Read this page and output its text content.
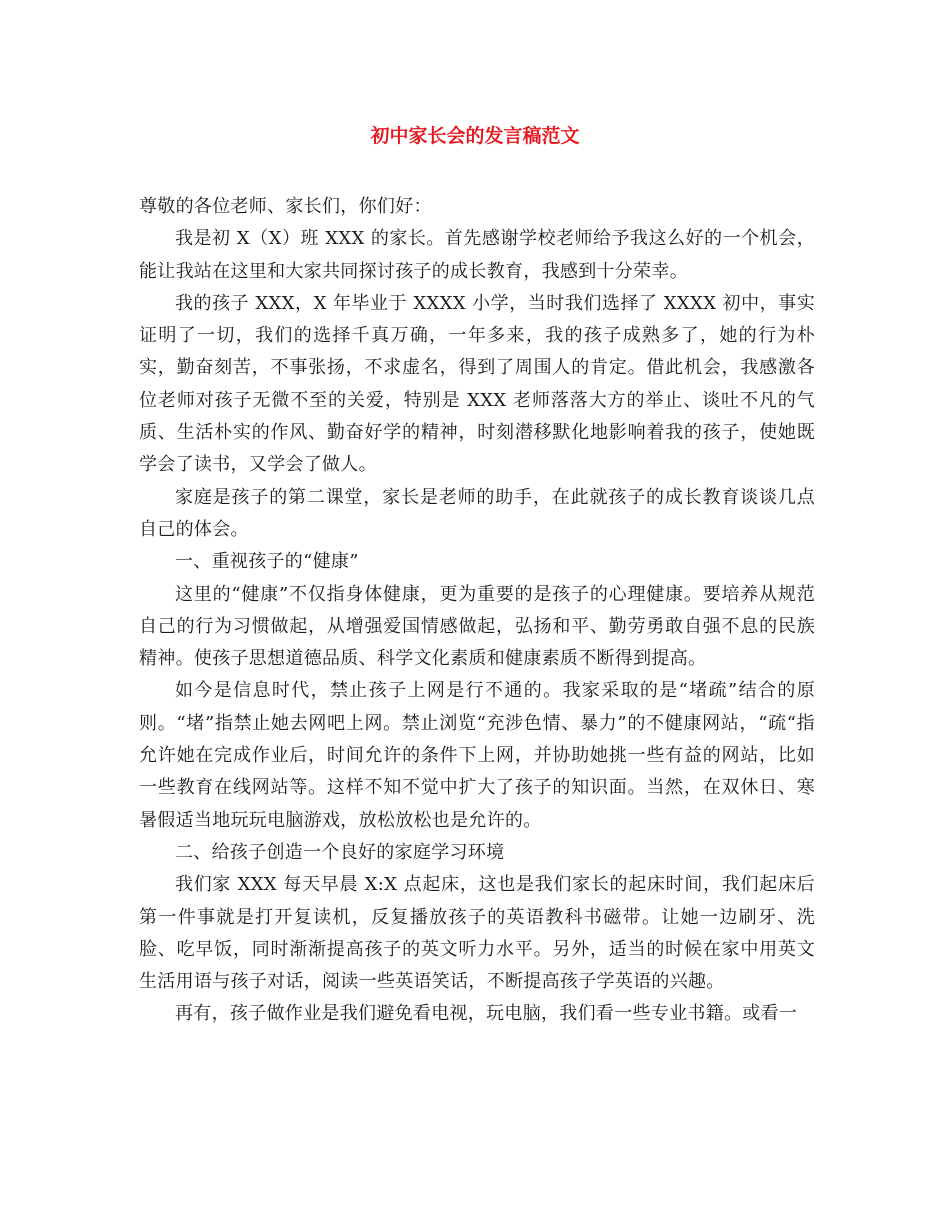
初中家长会的发言稿范文

尊敬的各位老师、家长们，你们好：

我是初 X（X）班 XXX 的家长。首先感谢学校老师给予我这么好的一个机会，能让我站在这里和大家共同探讨孩子的成长教育，我感到十分荣幸。

我的孩子 XXX，X 年毕业于 XXXX 小学，当时我们选择了 XXXX 初中，事实证明了一切，我们的选择千真万确，一年多来，我的孩子成熟多了，她的行为朴实，勤奋刻苦，不事张扬，不求虚名，得到了周围人的肯定。借此机会，我感激各位老师对孩子无微不至的关爱，特别是 XXX 老师落落大方的举止、谈吐不凡的气质、生活朴实的作风、勤奋好学的精神，时刻潜移默化地影响着我的孩子，使她既学会了读书，又学会了做人。

家庭是孩子的第二课堂，家长是老师的助手，在此就孩子的成长教育谈谈几点自己的体会。

一、重视孩子的“健康”

这里的“健康”不仅指身体健康，更为重要的是孩子的心理健康。要培养从规范自己的行为习惯做起，从增强爱国情感做起，弘扬和平、勤劳勇敢自强不息的民族精神。使孩子思想道德品质、科学文化素质和健康素质不断得到提高。

如今是信息时代，禁止孩子上网是行不通的。我家采取的是“堵疏”结合的原则。“堵”指禁止她去网吧上网。禁止浏览“充涉色情、暴力”的不健康网站，“疏“指允许她在完成作业后，时间允许的条件下上网，并协助她挑一些有益的网站，比如一些教育在线网站等。这样不知不觉中扩大了孩子的知识面。当然，在双休日、寒暑假适当地玩玩电脑游戏，放松放松也是允许的。

二、给孩子创造一个良好的家庭学习环境

我们家 XXX 每天早晨 X:X 点起床，这也是我们家长的起床时间，我们起床后第一件事就是打开复读机，反复播放孩子的英语教科书磁带。让她一边刷牙、洗脸、吃早饭，同时渐渐提高孩子的英文听力水平。另外，适当的时候在家中用英文生活用语与孩子对话，阅读一些英语笑话，不断提高孩子学英语的兴趣。

再有，孩子做作业是我们避免看电视，玩电脑，我们看一些专业书籍。或看一
